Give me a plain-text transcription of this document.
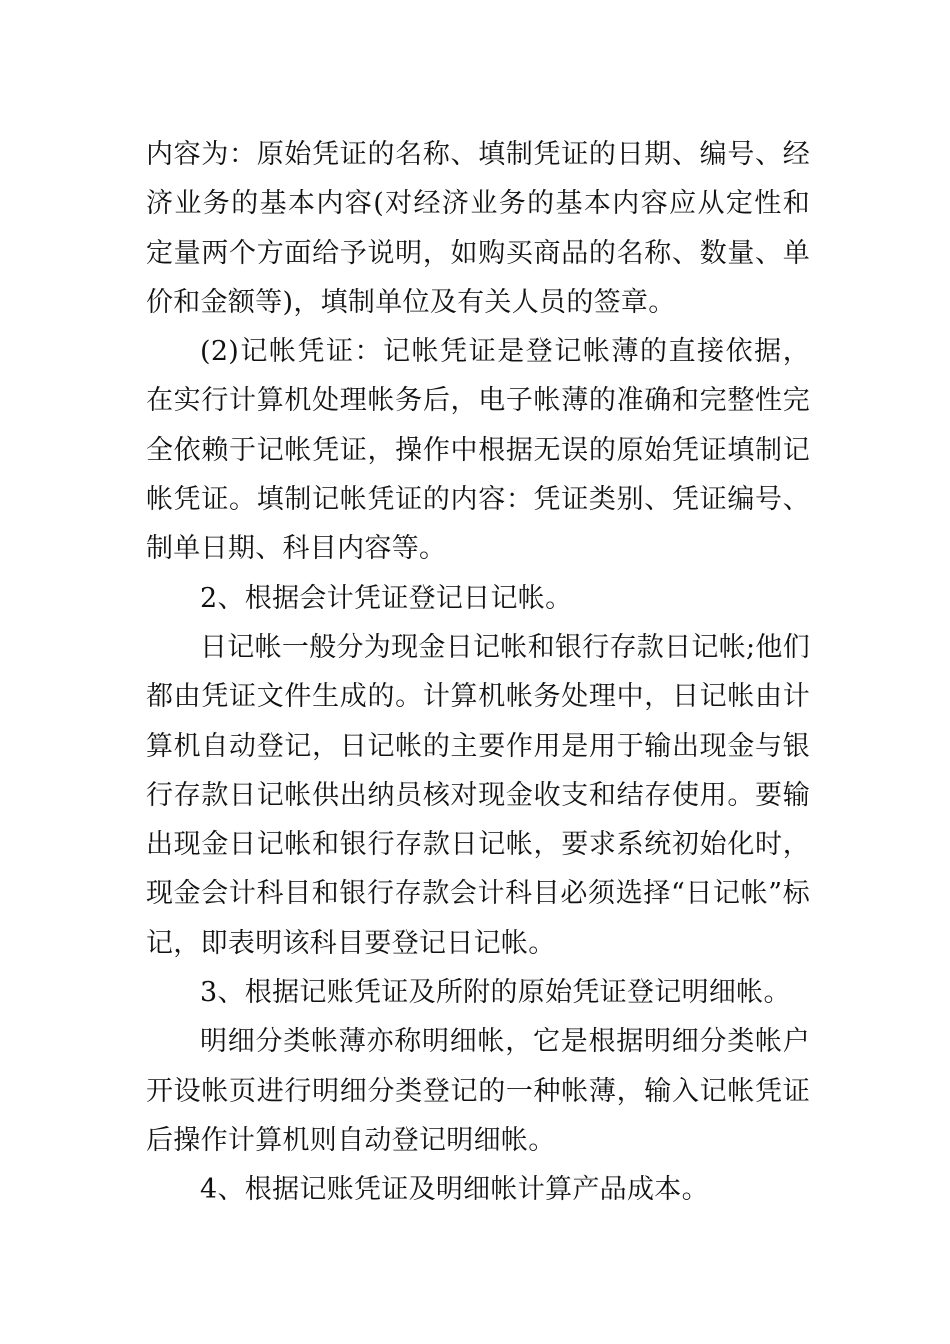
内容为：原始凭证的名称、填制凭证的日期、编号、经济业务的基本内容(对经济业务的基本内容应从定性和定量两个方面给予说明，如购买商品的名称、数量、单价和金额等)，填制单位及有关人员的签章。

(2)记帐凭证：记帐凭证是登记帐薄的直接依据，在实行计算机处理帐务后，电子帐薄的准确和完整性完全依赖于记帐凭证，操作中根据无误的原始凭证填制记帐凭证。填制记帐凭证的内容：凭证类别、凭证编号、制单日期、科目内容等。

2、根据会计凭证登记日记帐。

日记帐一般分为现金日记帐和银行存款日记帐;他们都由凭证文件生成的。计算机帐务处理中，日记帐由计算机自动登记，日记帐的主要作用是用于输出现金与银行存款日记帐供出纳员核对现金收支和结存使用。要输出现金日记帐和银行存款日记帐，要求系统初始化时，现金会计科目和银行存款会计科目必须选择“日记帐”标记，即表明该科目要登记日记帐。

3、根据记账凭证及所附的原始凭证登记明细帐。

明细分类帐薄亦称明细帐，它是根据明细分类帐户开设帐页进行明细分类登记的一种帐薄，输入记帐凭证后操作计算机则自动登记明细帐。

4、根据记账凭证及明细帐计算产品成本。
